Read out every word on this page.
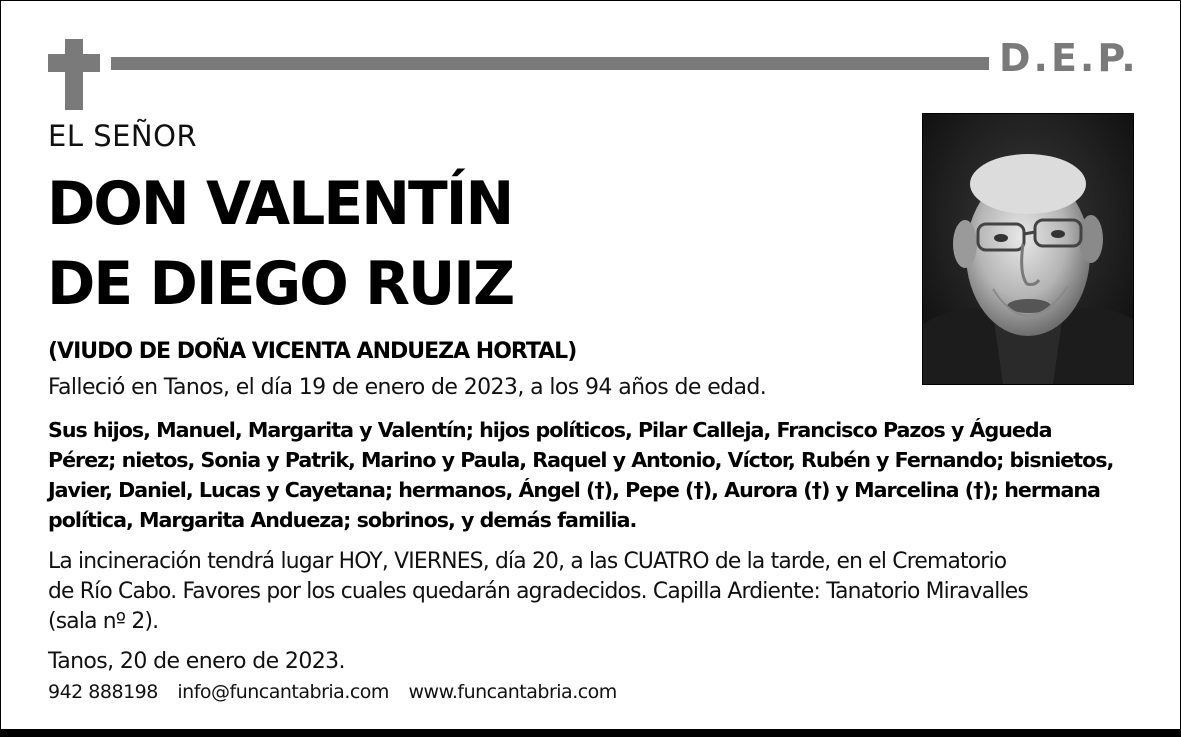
D.E.P.
EL SEÑOR
DON VALENTÍN
DE DIEGO RUIZ
(VIUDO DE DOÑA VICENTA ANDUEZA HORTAL)
Falleció en Tanos, el día 19 de enero de 2023, a los 94 años de edad.
Sus hijos, Manuel, Margarita y Valentín; hijos políticos, Pilar Calleja, Francisco Pazos y Águeda
Pérez; nietos, Sonia y Patrik, Marino y Paula, Raquel y Antonio, Víctor, Rubén y Fernando; bisnietos,
Javier, Daniel, Lucas y Cayetana; hermanos, Ángel (†), Pepe (†), Aurora (†) y Marcelina (†); hermana
política, Margarita Andueza; sobrinos, y demás familia.
La incineración tendrá lugar HOY, VIERNES, día 20, a las CUATRO de la tarde, en el Crematorio
de Río Cabo. Favores por los cuales quedarán agradecidos. Capilla Ardiente: Tanatorio Miravalles
(sala nº 2).
Tanos, 20 de enero de 2023.
942 888198 info@funcantabria.com www.funcantabria.com
